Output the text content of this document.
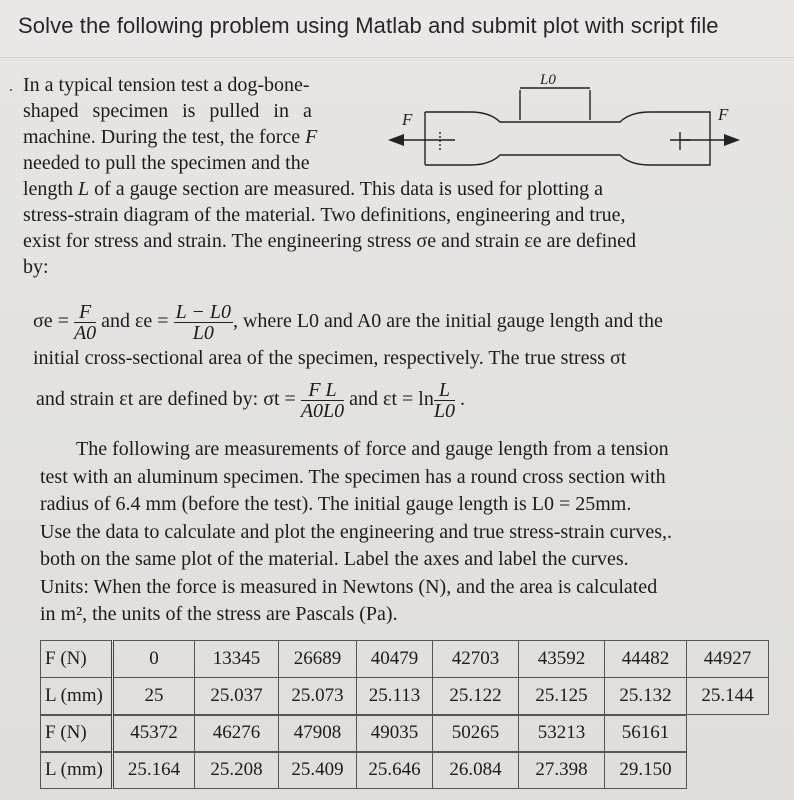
Solve the following problem using Matlab and submit plot with script file
· In a typical tension test a dog-bone-
shaped specimen is pulled in a
machine. During the test, the force F
needed to pull the specimen and the
F	F
L0
length L of a gauge section are measured. This data is used for plotting a
stress-strain diagram of the material. Two definitions, engineering and true,
exist for stress and strain. The engineering stress σe and strain εe are defined
by:
$\sigma e = \frac{F}{A0}$ and $\varepsilon e = \frac{L - L0}{L0}$ , where L0 and A0 are the initial gauge length and the
initial cross-sectional area of the specimen, respectively. The true stress σt
and strain εt are defined by: $\sigma t = \frac{\text{F L}}{A0L0}$ and $\varepsilon t = \ln \frac{L}{L0}$ .
The following are measurements of force and gauge length from a tension
test with an aluminum specimen. The specimen has a round cross section with
radius of 6.4 mm (before the test). The initial gauge length is L0 = 25mm.
Use the data to calculate and plot the engineering and true stress-strain curves,.
both on the same plot of the material. Label the axes and label the curves.
Units: When the force is measured in Newtons (N), and the area is calculated
in m², the units of the stress are Pascals (Pa).
F (N)	0	13345	26689	40479	42703	43592	44482	44927
L (mm)	25	25.037	25.073	25.113	25.122	25.125	25.132	25.144
F (N)	45372	46276	47908	49035	50265	53213	56161	
L (mm)	25.164	25.208	25.409	25.646	26.084	27.398	29.150	
